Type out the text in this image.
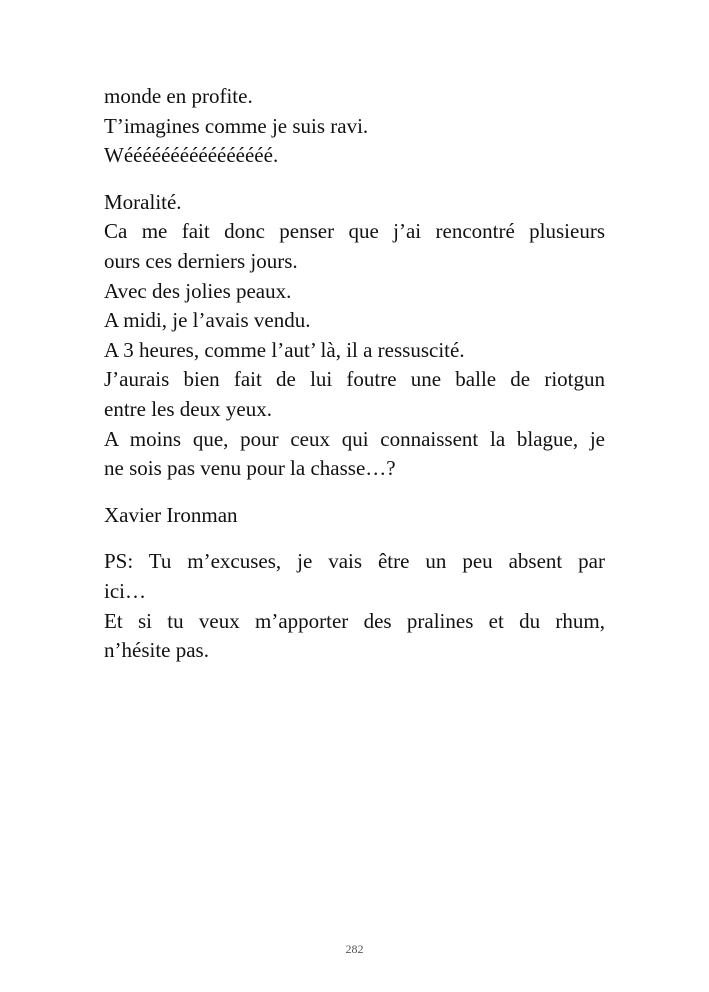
monde en profite.
T’imagines comme je suis ravi.
Wéééééééééééééééé.
Moralité.
Ca me fait donc penser que j’ai rencontré plusieurs
ours ces derniers jours.
Avec des jolies peaux.
A midi, je l’avais vendu.
A 3 heures, comme l’aut’ là, il a ressuscité.
J’aurais bien fait de lui foutre une balle de riotgun
entre les deux yeux.
A moins que, pour ceux qui connaissent la blague, je
ne sois pas venu pour la chasse…?
Xavier Ironman
PS: Tu m’excuses, je vais être un peu absent par
ici…
Et si tu veux m’apporter des pralines et du rhum,
n’hésite pas.
282
